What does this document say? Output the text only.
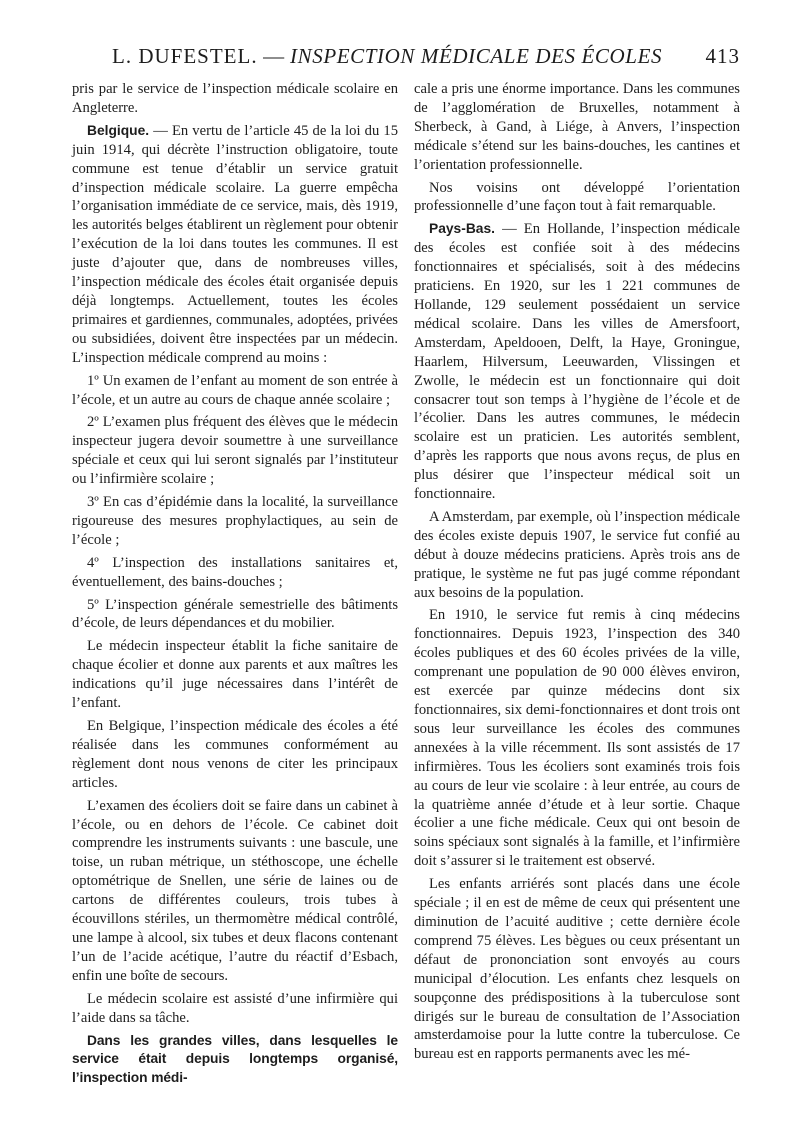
L. DUFESTEL. — INSPECTION MÉDICALE DES ÉCOLES 413

pris par le service de l’inspection médicale scolaire en Angleterre.

Belgique. — En vertu de l’article 45 de la loi du 15 juin 1914, qui décrète l’instruction obligatoire, toute commune est tenue d’établir un service gratuit d’inspection médicale scolaire. La guerre empêcha l’organisation immédiate de ce service, mais, dès 1919, les autorités belges établirent un règlement pour obtenir l’exécution de la loi dans toutes les communes. Il est juste d’ajouter que, dans de nombreuses villes, l’inspection médicale des écoles était organisée depuis déjà longtemps. Actuellement, toutes les écoles primaires et gardiennes, communales, adoptées, privées ou subsidiées, doivent être inspectées par un médecin. L’inspection médicale comprend au moins :

1º Un examen de l’enfant au moment de son entrée à l’école, et un autre au cours de chaque année scolaire ;

2º L’examen plus fréquent des élèves que le médecin inspecteur jugera devoir soumettre à une surveillance spéciale et ceux qui lui seront signalés par l’instituteur ou l’infirmière scolaire ;

3º En cas d’épidémie dans la localité, la surveillance rigoureuse des mesures prophylactiques, au sein de l’école ;

4º L’inspection des installations sanitaires et, éventuellement, des bains-douches ;

5º L’inspection générale semestrielle des bâtiments d’école, de leurs dépendances et du mobilier.

Le médecin inspecteur établit la fiche sanitaire de chaque écolier et donne aux parents et aux maîtres les indications qu’il juge nécessaires dans l’intérêt de l’enfant.

En Belgique, l’inspection médicale des écoles a été réalisée dans les communes conformément au règlement dont nous venons de citer les principaux articles.

L’examen des écoliers doit se faire dans un cabinet à l’école, ou en dehors de l’école. Ce cabinet doit comprendre les instruments suivants : une bascule, une toise, un ruban métrique, un stéthoscope, une échelle optométrique de Snellen, une série de laines ou de cartons de différentes couleurs, trois tubes à écouvillons stériles, un thermomètre médical contrôlé, une lampe à alcool, six tubes et deux flacons contenant l’un de l’acide acétique, l’autre du réactif d’Esbach, enfin une boîte de secours.

Le médecin scolaire est assisté d’une infirmière qui l’aide dans sa tâche.

Dans les grandes villes, dans lesquelles le service était depuis longtemps organisé, l’inspection médi-

cale a pris une énorme importance. Dans les communes de l’agglomération de Bruxelles, notamment à Sherbeck, à Gand, à Liége, à Anvers, l’inspection médicale s’étend sur les bains-douches, les cantines et l’orientation professionnelle.

Nos voisins ont développé l’orientation professionnelle d’une façon tout à fait remarquable.

Pays-Bas. — En Hollande, l’inspection médicale des écoles est confiée soit à des médecins fonctionnaires et spécialisés, soit à des médecins praticiens. En 1920, sur les 1 221 communes de Hollande, 129 seulement possédaient un service médical scolaire. Dans les villes de Amersfoort, Amsterdam, Apeldooen, Delft, la Haye, Groningue, Haarlem, Hilversum, Leeuwarden, Vlissingen et Zwolle, le médecin est un fonctionnaire qui doit consacrer tout son temps à l’hygiène de l’école et de l’écolier. Dans les autres communes, le médecin scolaire est un praticien. Les autorités semblent, d’après les rapports que nous avons reçus, de plus en plus désirer que l’inspecteur médical soit un fonctionnaire.

A Amsterdam, par exemple, où l’inspection médicale des écoles existe depuis 1907, le service fut confié au début à douze médecins praticiens. Après trois ans de pratique, le système ne fut pas jugé comme répondant aux besoins de la population.

En 1910, le service fut remis à cinq médecins fonctionnaires. Depuis 1923, l’inspection des 340 écoles publiques et des 60 écoles privées de la ville, comprenant une population de 90 000 élèves environ, est exercée par quinze médecins dont six fonctionnaires, six demi-fonctionnaires et dont trois ont sous leur surveillance les écoles des communes annexées à la ville récemment. Ils sont assistés de 17 infirmières. Tous les écoliers sont examinés trois fois au cours de leur vie scolaire : à leur entrée, au cours de la quatrième année d’étude et à leur sortie. Chaque écolier a une fiche médicale. Ceux qui ont besoin de soins spéciaux sont signalés à la famille, et l’infirmière doit s’assurer si le traitement est observé.

Les enfants arriérés sont placés dans une école spéciale ; il en est de même de ceux qui présentent une diminution de l’acuité auditive ; cette dernière école comprend 75 élèves. Les bègues ou ceux présentant un défaut de prononciation sont envoyés au cours municipal d’élocution. Les enfants chez lesquels on soupçonne des prédispositions à la tuberculose sont dirigés sur le bureau de consultation de l’Association amsterdamoise pour la lutte contre la tuberculose. Ce bureau est en rapports permanents avec les mé-
